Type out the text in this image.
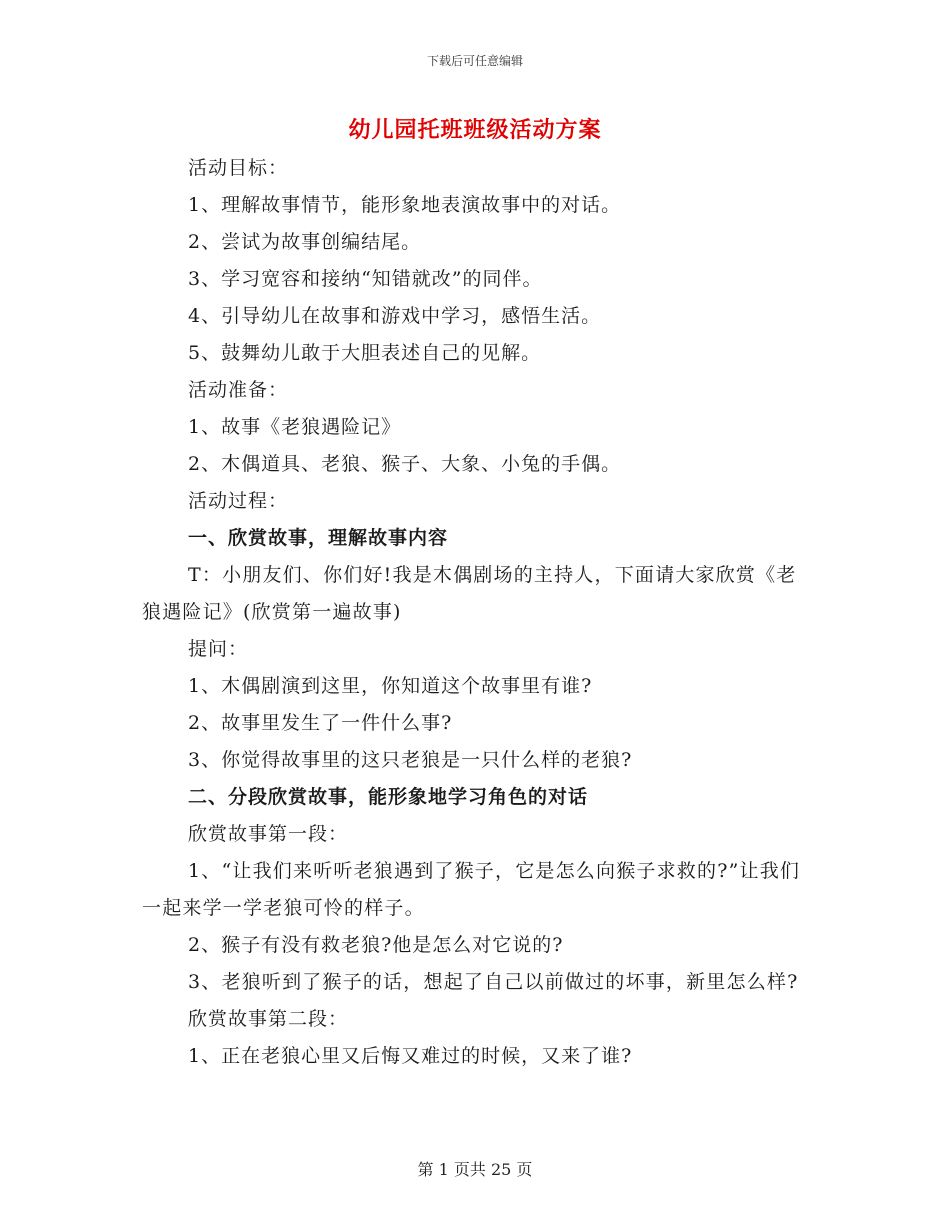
下载后可任意编辑
幼儿园托班班级活动方案
活动目标：
1、理解故事情节，能形象地表演故事中的对话。
2、尝试为故事创编结尾。
3、学习宽容和接纳“知错就改”的同伴。
4、引导幼儿在故事和游戏中学习，感悟生活。
5、鼓舞幼儿敢于大胆表述自己的见解。
活动准备：
1、故事《老狼遇险记》
2、木偶道具、老狼、猴子、大象、小兔的手偶。
活动过程：
一、欣赏故事，理解故事内容
T：小朋友们、你们好!我是木偶剧场的主持人，下面请大家欣赏《老狼遇险记》(欣赏第一遍故事)
提问：
1、木偶剧演到这里，你知道这个故事里有谁?
2、故事里发生了一件什么事?
3、你觉得故事里的这只老狼是一只什么样的老狼?
二、分段欣赏故事，能形象地学习角色的对话
欣赏故事第一段：
1、“让我们来听听老狼遇到了猴子，它是怎么向猴子求救的?”让我们一起来学一学老狼可怜的样子。
2、猴子有没有救老狼?他是怎么对它说的?
3、老狼听到了猴子的话，想起了自己以前做过的坏事，新里怎么样?
欣赏故事第二段：
1、正在老狼心里又后悔又难过的时候，又来了谁?
第 1 页共 25 页
